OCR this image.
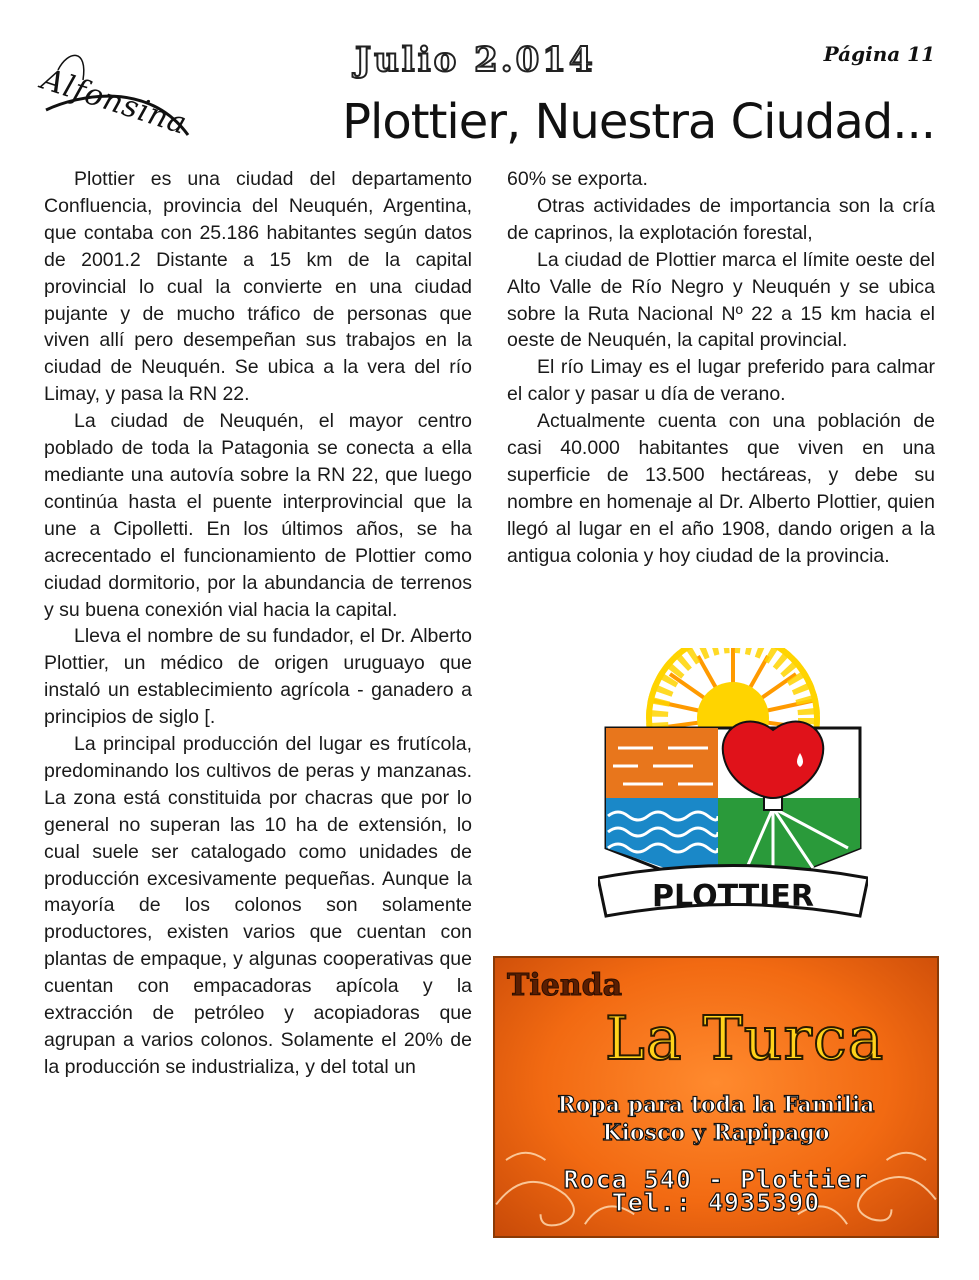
Alfonsina
Julio 2.014	Página 11
Plottier, Nuestra Ciudad...

Plottier es una ciudad del departamento Confluencia, provincia del Neuquén, Argentina, que contaba con 25.186 habitantes según datos de 2001.2 Distante a 15 km de la capital provincial lo cual la convierte en una ciudad pujante y de mucho tráfico de personas que viven allí pero desempeñan sus trabajos en la ciudad de Neuquén. Se ubica a la vera del río Limay, y pasa la RN 22.

La ciudad de Neuquén, el mayor centro poblado de toda la Patagonia se conecta a ella mediante una autovía sobre la RN 22, que luego continúa hasta el puente interprovincial que la une a Cipolletti. En los últimos años, se ha acrecentado el funcionamiento de Plottier como ciudad dormitorio, por la abundancia de terrenos y su buena conexión vial hacia la capital.

Lleva el nombre de su fundador, el Dr. Alberto Plottier, un médico de origen uruguayo que instaló un establecimiento agrícola - ganadero a principios de siglo [.

La principal producción del lugar es frutícola, predominando los cultivos de peras y manzanas. La zona está constituida por chacras que por lo general no superan las 10 ha de extensión, lo cual suele ser catalogado como unidades de producción excesivamente pequeñas. Aunque la mayoría de los colonos son solamente productores, existen varios que cuentan con plantas de empaque, y algunas cooperativas que cuentan con empacadoras apícola y la extracción de petróleo y acopiadoras que agrupan a varios colonos. Solamente el 20% de la producción se industrializa, y del total un

60% se exporta.

Otras actividades de importancia son la cría de caprinos, la explotación forestal,

La ciudad de Plottier marca el límite oeste del Alto Valle de Río Negro y Neuquén y se ubica sobre la Ruta Nacional Nº 22 a 15 km hacia el oeste de Neuquén, la capital provincial.

El río Limay es el lugar preferido para calmar el calor y pasar u día de verano.

Actualmente cuenta con una población de casi 40.000 habitantes que viven en una superficie de 13.500 hectáreas, y debe su nombre en homenaje al Dr. Alberto Plottier, quien llegó al lugar en el año 1908, dando origen a la antigua colonia y hoy ciudad de la provincia.

PLOTTIER
Tienda
La Turca
Ropa para toda la Familia
Kiosco y Rapipago
Roca 540 - Plottier
Tel.: 4935390
